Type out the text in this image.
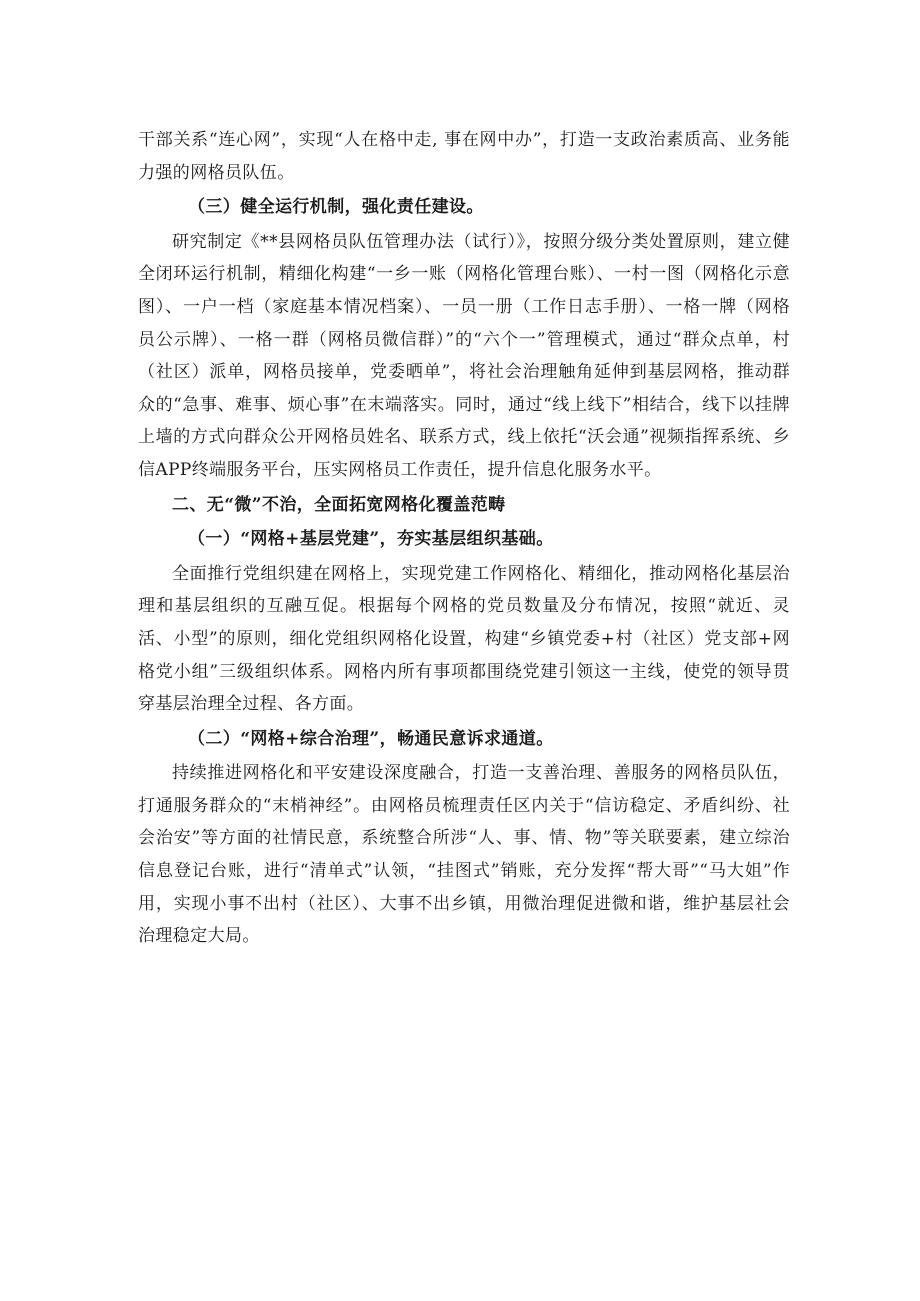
干部关系“连心网”，实现“人在格中走, 事在网中办”，打造一支政治素质高、业务能力强的网格员队伍。

（三）健全运行机制，强化责任建设。

研究制定《**县网格员队伍管理办法（试行）》，按照分级分类处置原则，建立健全闭环运行机制，精细化构建“一乡一账（网格化管理台账）、一村一图（网格化示意图）、一户一档（家庭基本情况档案）、一员一册（工作日志手册）、一格一牌（网格员公示牌）、一格一群（网格员微信群）”的“六个一”管理模式，通过“群众点单，村（社区）派单，网格员接单，党委晒单”，将社会治理触角延伸到基层网格，推动群众的“急事、难事、烦心事”在末端落实。同时，通过“线上线下”相结合，线下以挂牌上墙的方式向群众公开网格员姓名、联系方式，线上依托“沃会通”视频指挥系统、乡信APP终端服务平台，压实网格员工作责任，提升信息化服务水平。

二、无“微”不治，全面拓宽网格化覆盖范畴

（一）“网格+基层党建”，夯实基层组织基础。

全面推行党组织建在网格上，实现党建工作网格化、精细化，推动网格化基层治理和基层组织的互融互促。根据每个网格的党员数量及分布情况，按照“就近、灵活、小型”的原则，细化党组织网格化设置，构建“乡镇党委+村（社区）党支部+网格党小组”三级组织体系。网格内所有事项都围绕党建引领这一主线，使党的领导贯穿基层治理全过程、各方面。

（二）“网格+综合治理”，畅通民意诉求通道。

持续推进网格化和平安建设深度融合，打造一支善治理、善服务的网格员队伍，打通服务群众的“末梢神经”。由网格员梳理责任区内关于“信访稳定、矛盾纠纷、社会治安”等方面的社情民意，系统整合所涉“人、事、情、物”等关联要素，建立综治信息登记台账，进行“清单式”认领，“挂图式”销账，充分发挥“帮大哥”“马大姐”作用，实现小事不出村（社区）、大事不出乡镇，用微治理促进微和谐，维护基层社会治理稳定大局。
